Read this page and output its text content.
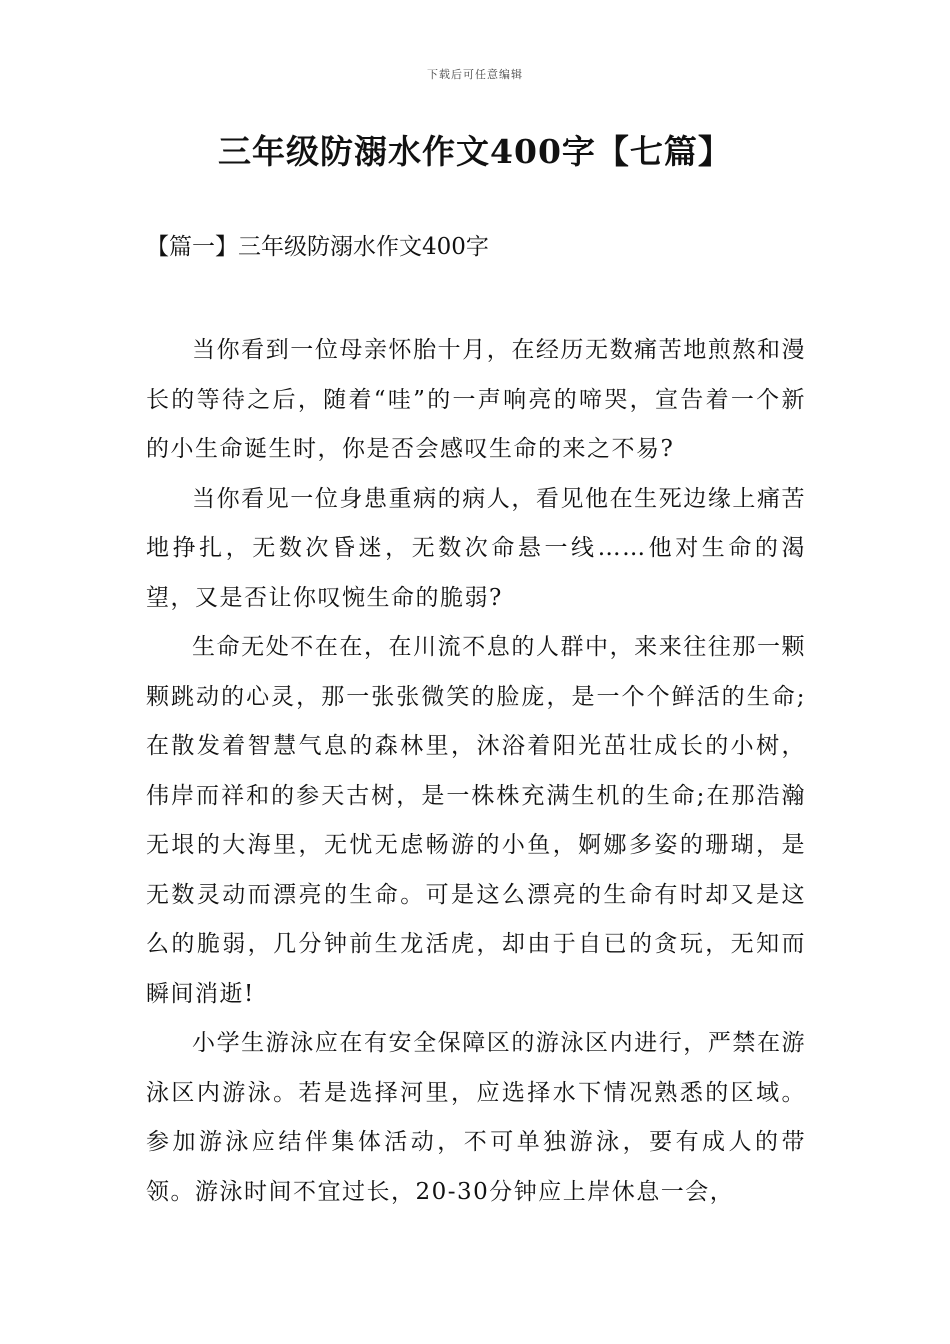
下载后可任意编辑
三年级防溺水作文400字【七篇】
【篇一】三年级防溺水作文400字

当你看到一位母亲怀胎十月，在经历无数痛苦地煎熬和漫长的等待之后，随着“哇”的一声响亮的啼哭，宣告着一个新的小生命诞生时，你是否会感叹生命的来之不易?

当你看见一位身患重病的病人，看见他在生死边缘上痛苦地挣扎，无数次昏迷，无数次命悬一线……他对生命的渴望，又是否让你叹惋生命的脆弱?

生命无处不在在，在川流不息的人群中，来来往往那一颗颗跳动的心灵，那一张张微笑的脸庞，是一个个鲜活的生命;在散发着智慧气息的森林里，沐浴着阳光茁壮成长的小树，伟岸而祥和的参天古树，是一株株充满生机的生命;在那浩瀚无垠的大海里，无忧无虑畅游的小鱼，婀娜多姿的珊瑚，是无数灵动而漂亮的生命。可是这么漂亮的生命有时却又是这么的脆弱，几分钟前生龙活虎，却由于自已的贪玩，无知而瞬间消逝!

小学生游泳应在有安全保障区的游泳区内进行，严禁在游泳区内游泳。若是选择河里，应选择水下情况熟悉的区域。参加游泳应结伴集体活动，不可单独游泳，要有成人的带领。游泳时间不宜过长，20-30分钟应上岸休息一会，
